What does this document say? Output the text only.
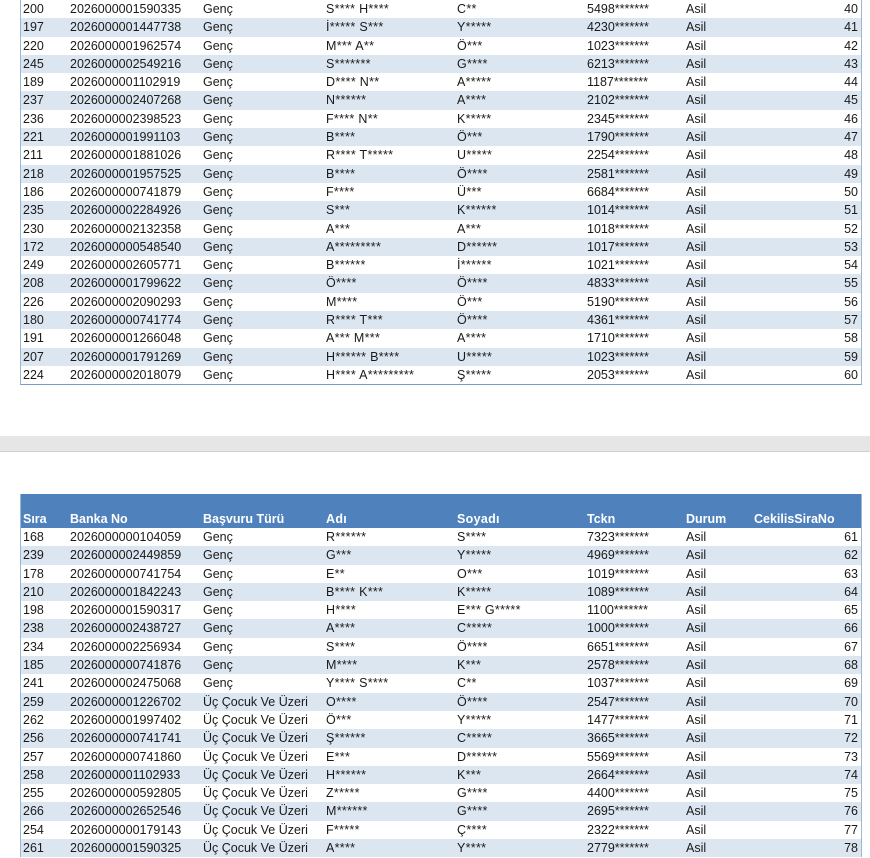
200	2026000001590335	Genç	S**** H****	C**	5498*******	Asil	40
197	2026000001447738	Genç	İ***** S***	Y*****	4230*******	Asil	41
220	2026000001962574	Genç	M*** A**	Ö***	1023*******	Asil	42
245	2026000002549216	Genç	S*******	G****	6213*******	Asil	43
189	2026000001102919	Genç	D**** N**	A*****	1187*******	Asil	44
237	2026000002407268	Genç	N******	A****	2102*******	Asil	45
236	2026000002398523	Genç	F**** N**	K*****	2345*******	Asil	46
221	2026000001991103	Genç	B****	Ö***	1790*******	Asil	47
211	2026000001881026	Genç	R**** T*****	U*****	2254*******	Asil	48
218	2026000001957525	Genç	B****	Ö****	2581*******	Asil	49
186	2026000000741879	Genç	F****	Ü***	6684*******	Asil	50
235	2026000002284926	Genç	S***	K******	1014*******	Asil	51
230	2026000002132358	Genç	A***	A***	1018*******	Asil	52
172	2026000000548540	Genç	A*********	D******	1017*******	Asil	53
249	2026000002605771	Genç	B******	İ******	1021*******	Asil	54
208	2026000001799622	Genç	Ö****	Ö****	4833*******	Asil	55
226	2026000002090293	Genç	M****	Ö***	5190*******	Asil	56
180	2026000000741774	Genç	R**** T***	Ö****	4361*******	Asil	57
191	2026000001266048	Genç	A*** M***	A****	1710*******	Asil	58
207	2026000001791269	Genç	H****** B****	U*****	1023*******	Asil	59
224	2026000002018079	Genç	H**** A*********	Ş*****	2053*******	Asil	60
Sıra	Banka No	Başvuru Türü	Adı	Soyadı	Tckn	Durum	CekilisSiraNo
168	2026000000104059	Genç	R******	S****	7323*******	Asil	61
239	2026000002449859	Genç	G***	Y*****	4969*******	Asil	62
178	2026000000741754	Genç	E**	O***	1019*******	Asil	63
210	2026000001842243	Genç	B**** K***	K*****	1089*******	Asil	64
198	2026000001590317	Genç	H****	E*** G*****	1100*******	Asil	65
238	2026000002438727	Genç	A****	C*****	1000*******	Asil	66
234	2026000002256934	Genç	S****	Ö****	6651*******	Asil	67
185	2026000000741876	Genç	M****	K***	2578*******	Asil	68
241	2026000002475068	Genç	Y**** S****	C**	1037*******	Asil	69
259	2026000001226702	Üç Çocuk Ve Üzeri	O****	Ö****	2547*******	Asil	70
262	2026000001997402	Üç Çocuk Ve Üzeri	Ö***	Y*****	1477*******	Asil	71
256	2026000000741741	Üç Çocuk Ve Üzeri	Ş******	C*****	3665*******	Asil	72
257	2026000000741860	Üç Çocuk Ve Üzeri	E***	D******	5569*******	Asil	73
258	2026000001102933	Üç Çocuk Ve Üzeri	H******	K***	2664*******	Asil	74
255	2026000000592805	Üç Çocuk Ve Üzeri	Z*****	G****	4400*******	Asil	75
266	2026000002652546	Üç Çocuk Ve Üzeri	M******	G****	2695*******	Asil	76
254	2026000000179143	Üç Çocuk Ve Üzeri	F*****	Ç****	2322*******	Asil	77
261	2026000001590325	Üç Çocuk Ve Üzeri	A****	Y****	2779*******	Asil	78
